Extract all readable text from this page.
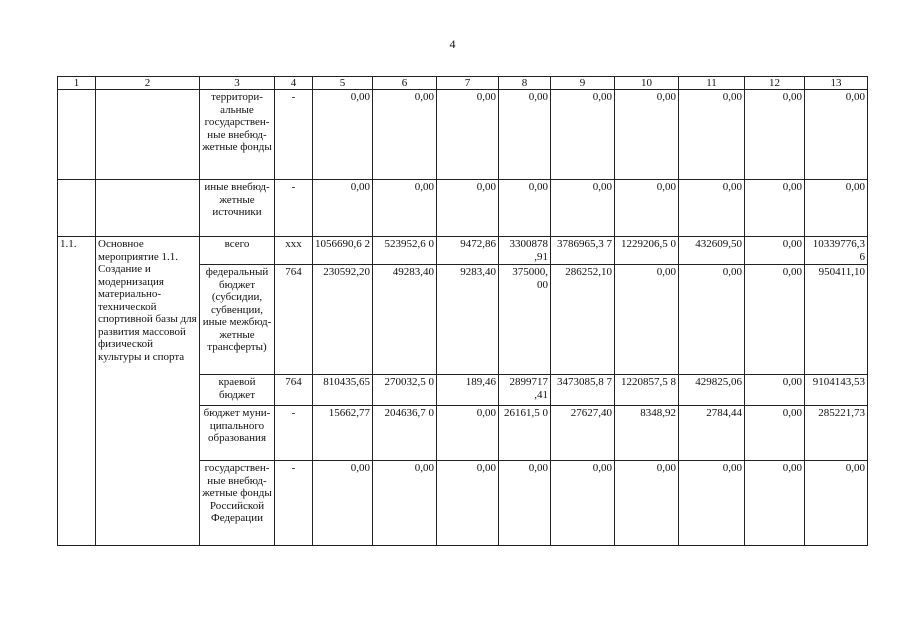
4
1	2	3	4	5	6	7	8	9	10	11	12	13
		территори-альные государствен-ные внебюд-жетные фонды	-	0,00	0,00	0,00	0,00	0,00	0,00	0,00	0,00	0,00
		иные внебюд-жетные источники	-	0,00	0,00	0,00	0,00	0,00	0,00	0,00	0,00	0,00
1.1.	Основное мероприятие 1.1. Создание и модернизация материально-технической спортивной базы для развития массовой физической культуры и спорта	всего	ххх	1056690,6 2	523952,6 0	9472,86	3300878 ,91	3786965,3 7	1229206,5 0	432609,50	0,00	10339776,3 6
		федеральный бюджет (субсидии, субвенции, иные межбюд-жетные трансферты)	764	230592,20	49283,40	9283,40	375000, 00	286252,10	0,00	0,00	0,00	950411,10
		краевой бюджет	764	810435,65	270032,5 0	189,46	2899717 ,41	3473085,8 7	1220857,5 8	429825,06	0,00	9104143,53
		бюджет муни-ципального образования	-	15662,77	204636,7 0	0,00	26161,5 0	27627,40	8348,92	2784,44	0,00	285221,73
		государствен-ные внебюд-жетные фонды Российской Федерации	-	0,00	0,00	0,00	0,00	0,00	0,00	0,00	0,00	0,00
